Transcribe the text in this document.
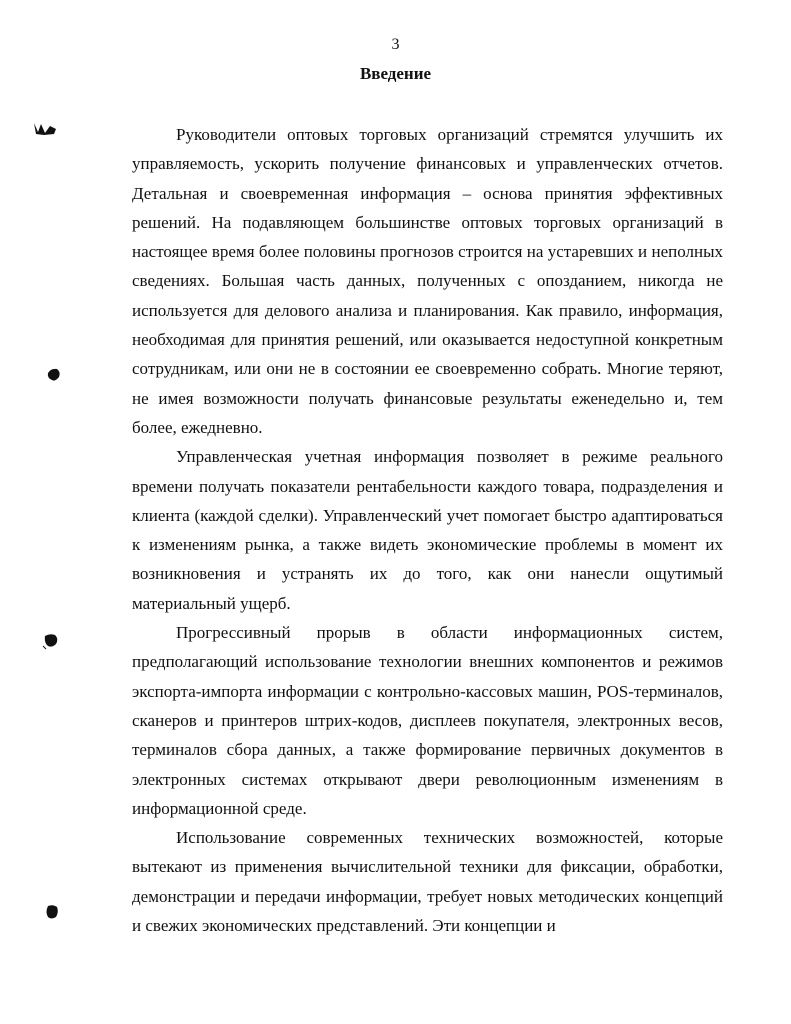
3
Введение

Руководители оптовых торговых организаций стремятся улучшить их управляемость, ускорить получение финансовых и управленческих отчетов. Детальная и своевременная информация – основа принятия эффективных решений. На подавляющем большинстве оптовых торговых организаций в настоящее время более половины прогнозов строится на устаревших и неполных сведениях. Большая часть данных, полученных с опозданием, никогда не используется для делового анализа и планирования. Как правило, информация, необходимая для принятия решений, или оказывается недоступной конкретным сотрудникам, или они не в состоянии ее своевременно собрать. Многие теряют, не имея возможности получать финансовые результаты еженедельно и, тем более, ежедневно.

Управленческая учетная информация позволяет в режиме реального времени получать показатели рентабельности каждого товара, подразделения и клиента (каждой сделки). Управленческий учет помогает быстро адаптироваться к изменениям рынка, а также видеть экономические проблемы в момент их возникновения и устранять их до того, как они нанесли ощутимый материальный ущерб.

Прогрессивный прорыв в области информационных систем, предполагающий использование технологии внешних компонентов и режимов экспорта-импорта информации с контрольно-кассовых машин, POS-терминалов, сканеров и принтеров штрих-кодов, дисплеев покупателя, электронных весов, терминалов сбора данных, а также формирование первичных документов в электронных системах открывают двери революционным изменениям в информационной среде.

Использование современных технических возможностей, которые вытекают из применения вычислительной техники для фиксации, обработки, демонстрации и передачи информации, требует новых методических концепций и свежих экономических представлений. Эти концепции и
